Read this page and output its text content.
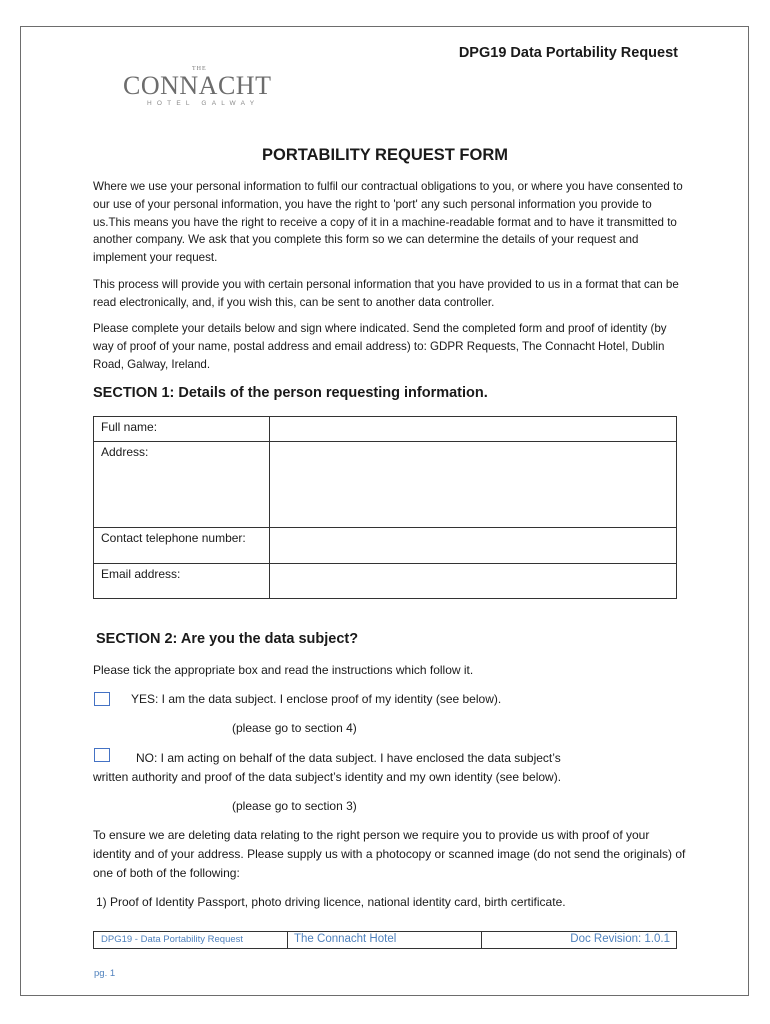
DPG19 Data Portability Request
THE
CONNACHT
HOTEL GALWAY
PORTABILITY REQUEST FORM

Where we use your personal information to fulfil our contractual obligations to you, or where you have consented to our use of your personal information, you have the right to 'port' any such personal information you provide to us.This means you have the right to receive a copy of it in a machine-readable format and to have it transmitted to another company. We ask that you complete this form so we can determine the details of your request and implement your request.

This process will provide you with certain personal information that you have provided to us in a format that can be read electronically, and, if you wish this, can be sent to another data controller.

Please complete your details below and sign where indicated. Send the completed form and proof of identity (by way of proof of your name, postal address and email address) to: GDPR Requests, The Connacht Hotel, Dublin Road, Galway, Ireland.

SECTION 1: Details of the person requesting information.
Full name:	
Address:	
Contact telephone number:	
Email address:	
SECTION 2: Are you the data subject?
Please tick the appropriate box and read the instructions which follow it.
YES: I am the data subject. I enclose proof of my identity (see below).
(please go to section 4)
NO: I am acting on behalf of the data subject. I have enclosed the data subject’s
written authority and proof of the data subject’s identity and my own identity (see below).
(please go to section 3)

To ensure we are deleting data relating to the right person we require you to provide us with proof of your identity and of your address. Please supply us with a photocopy or scanned image (do not send the originals) of one of both of the following:

1) Proof of Identity Passport, photo driving licence, national identity card, birth certificate.
DPG19 - Data Portability Request	The Connacht Hotel	Doc Revision: 1.0.1
pg. 1
